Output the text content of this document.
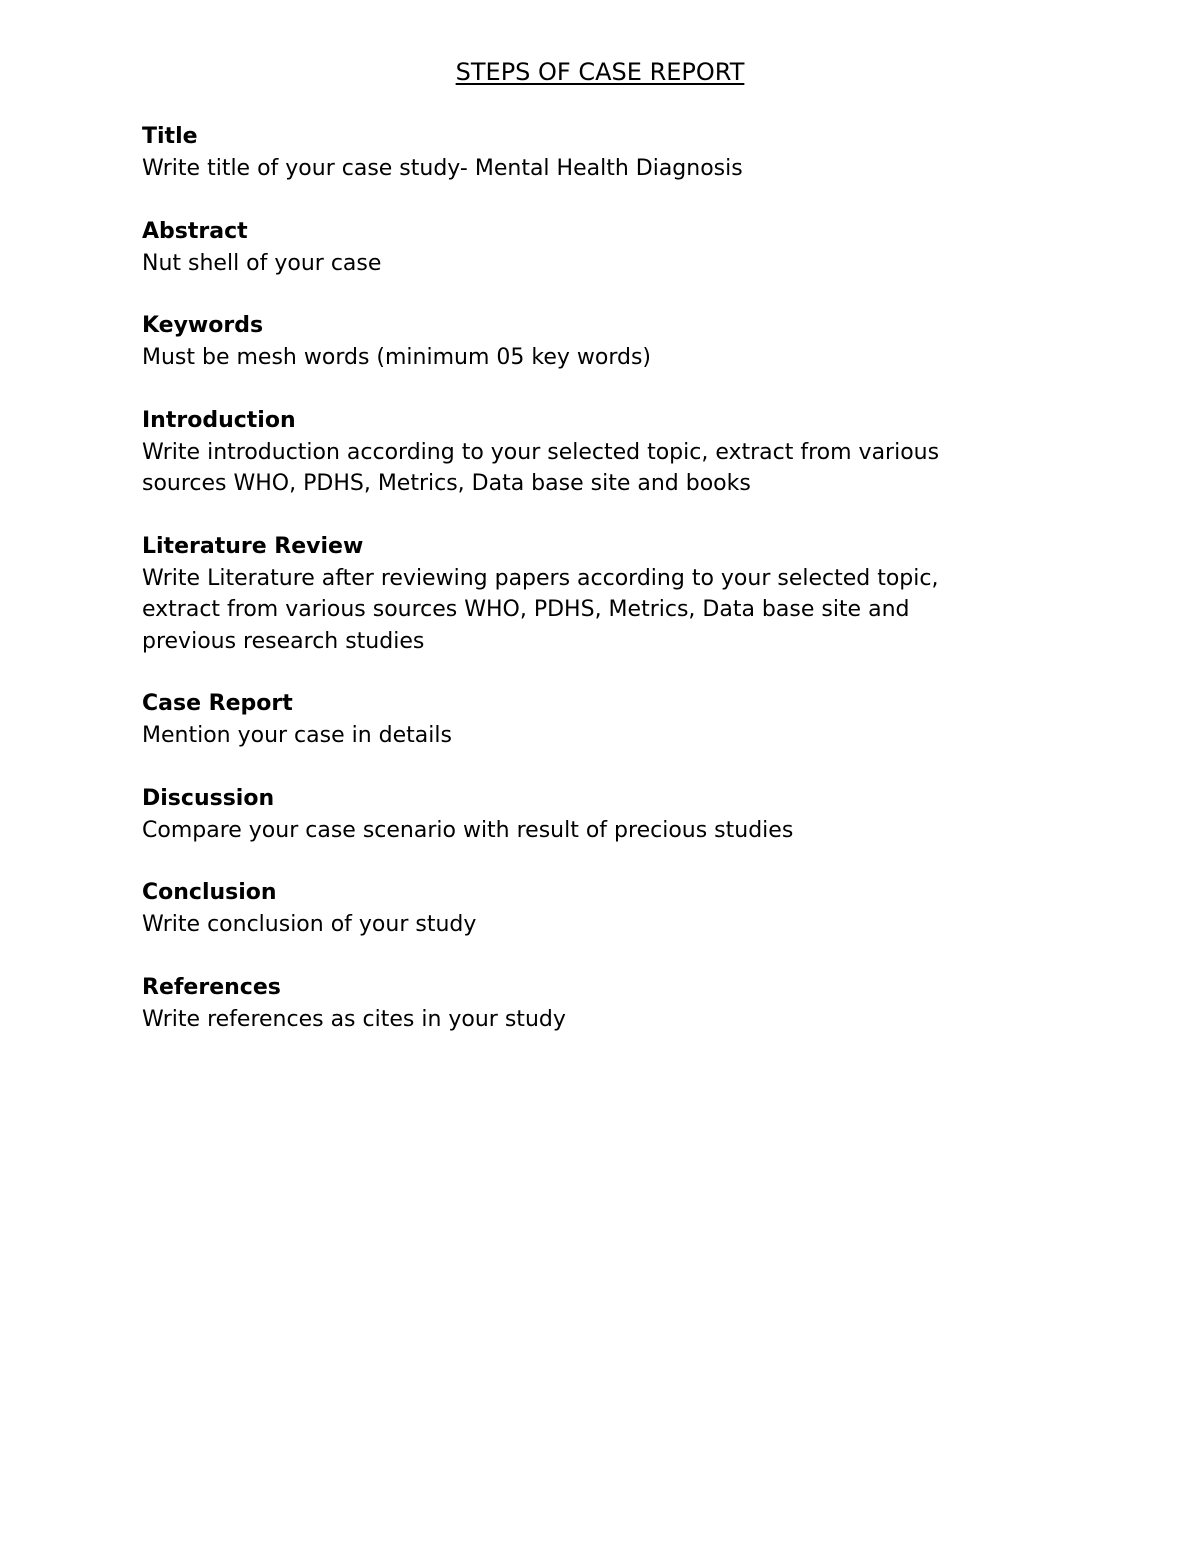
STEPS OF CASE REPORT
Title
Write title of your case study- Mental Health Diagnosis
Abstract
Nut shell of your case
Keywords
Must be mesh words (minimum 05 key words)
Introduction
Write introduction according to your selected topic, extract from various
sources WHO, PDHS, Metrics, Data base site and books
Literature Review
Write Literature after reviewing papers according to your selected topic,
extract from various sources WHO, PDHS, Metrics, Data base site and
previous research studies
Case Report
Mention your case in details
Discussion
Compare your case scenario with result of precious studies
Conclusion
Write conclusion of your study
References
Write references as cites in your study
